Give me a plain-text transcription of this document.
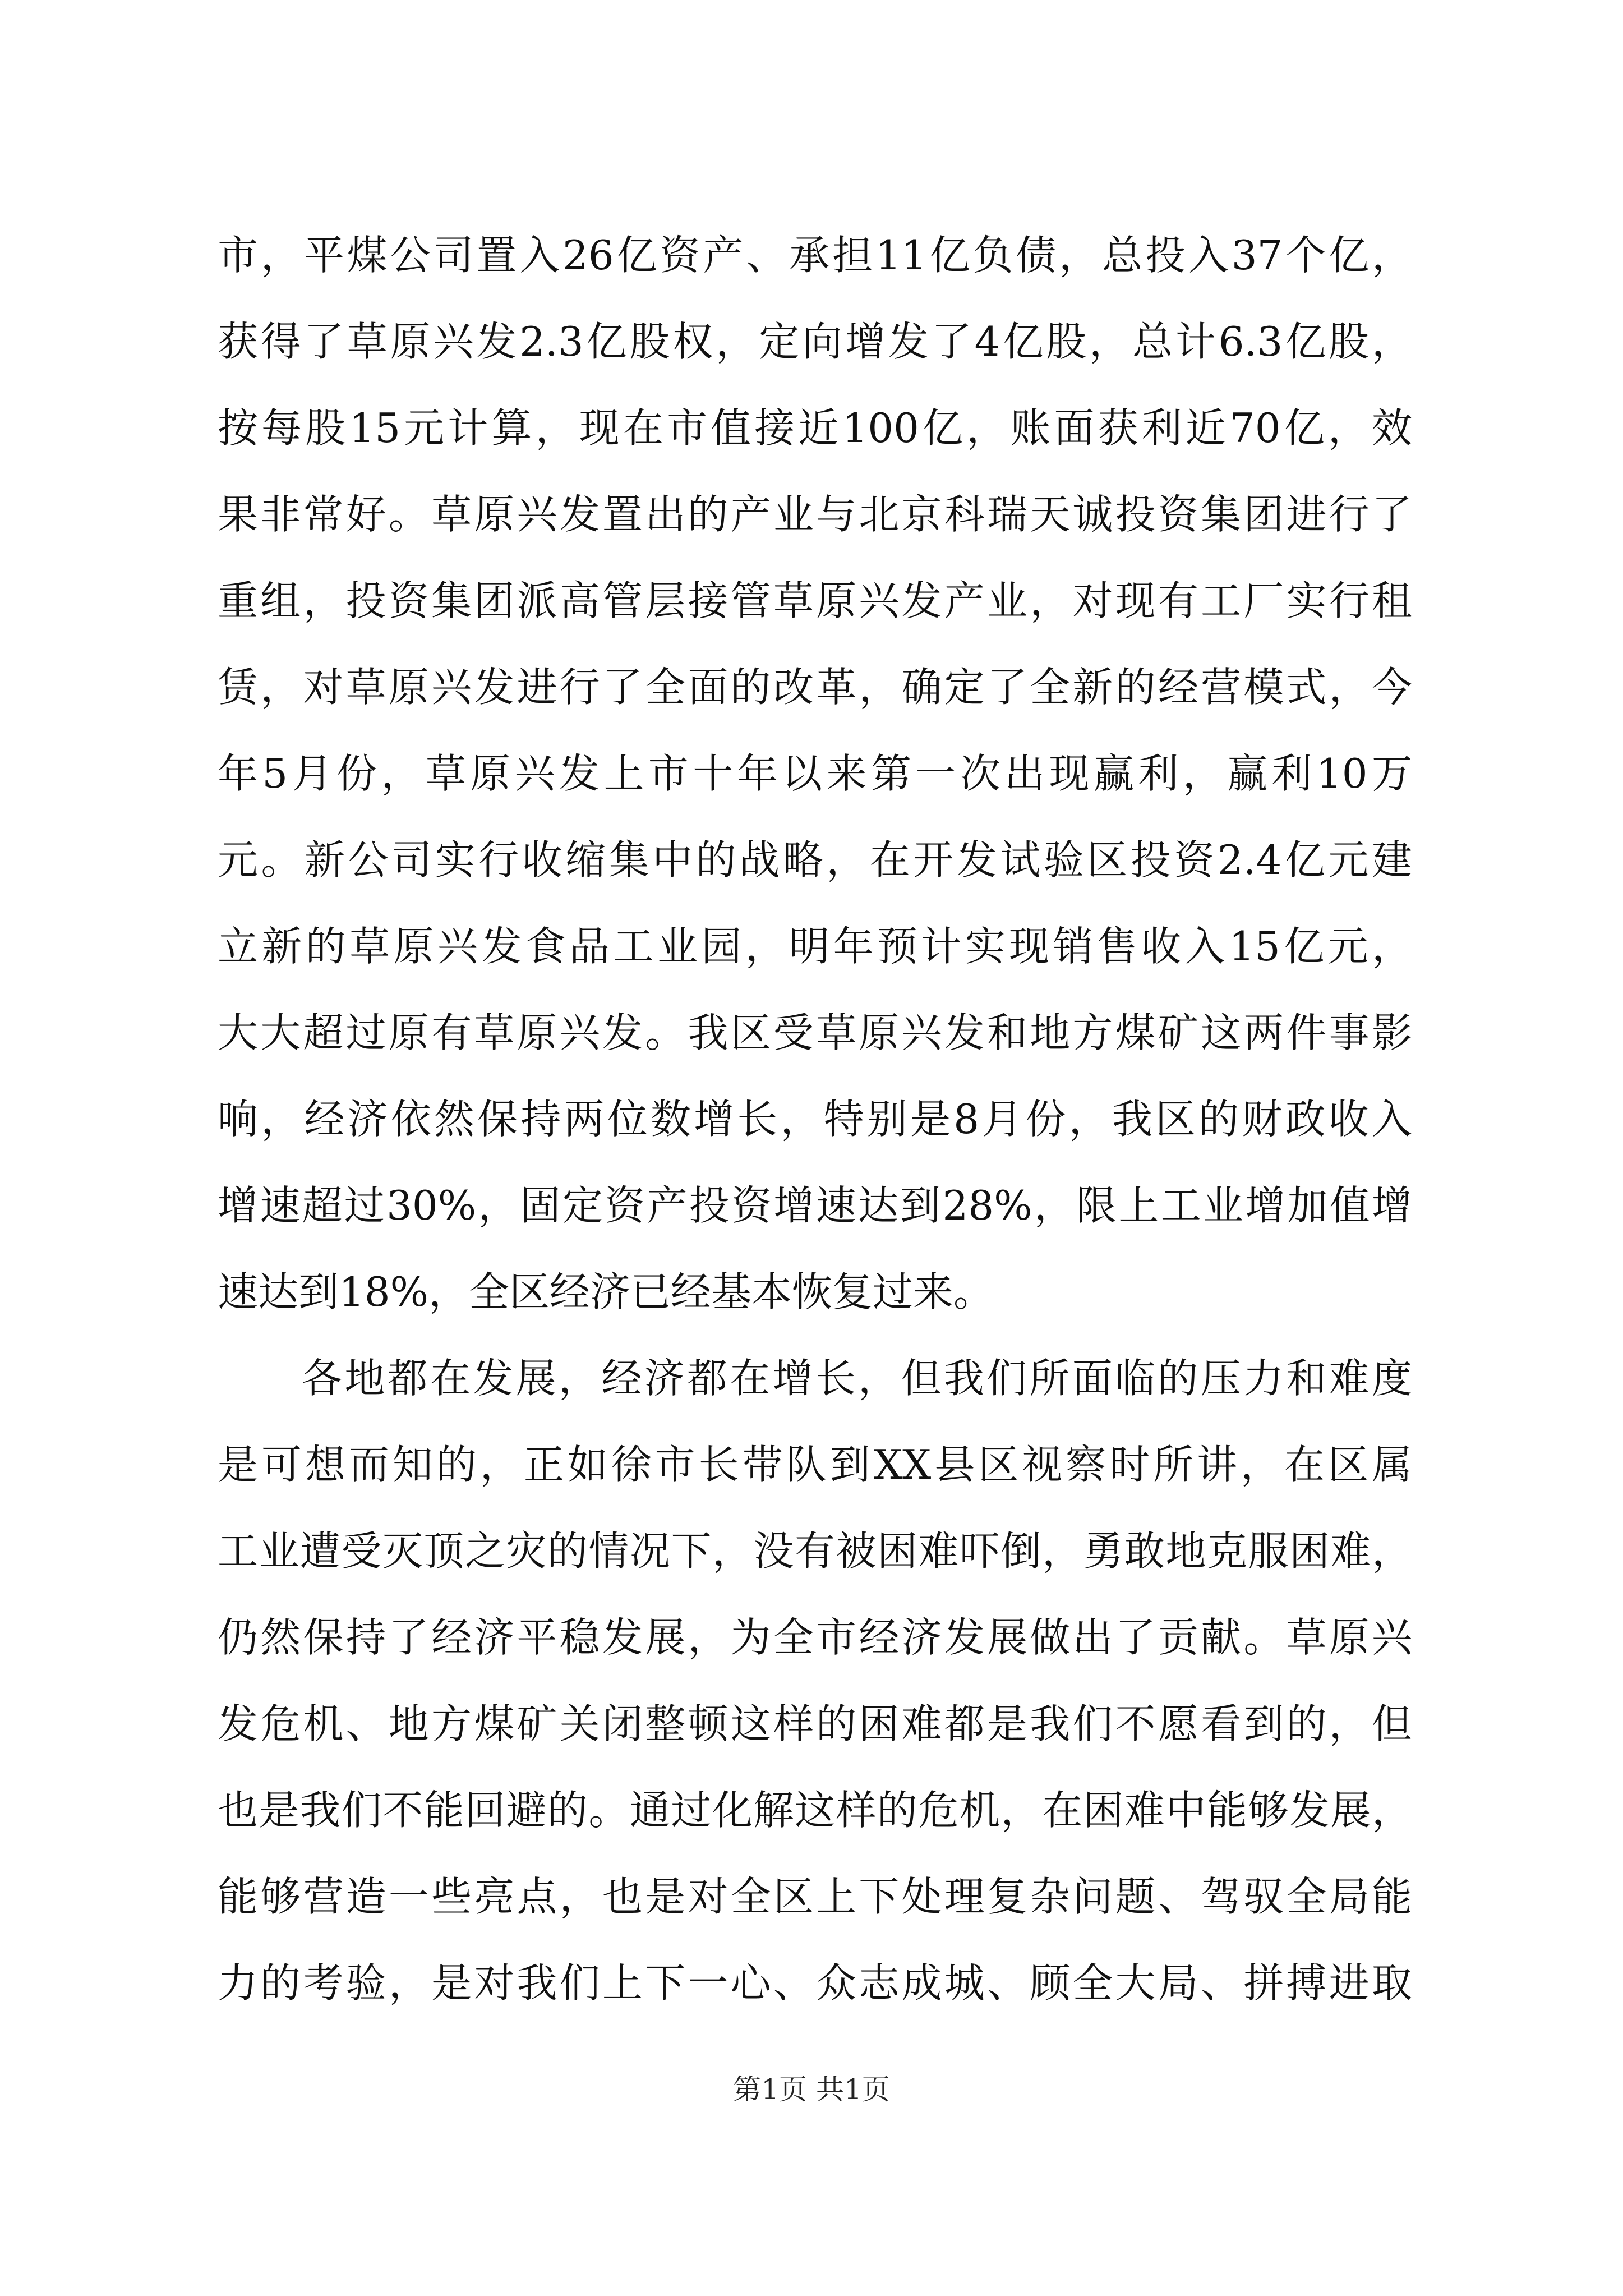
市，平煤公司置入26亿资产、承担11亿负债，总投入37个亿，
获得了草原兴发2.3亿股权，定向增发了4亿股，总计6.3亿股，
按每股15元计算，现在市值接近100亿，账面获利近70亿，效
果非常好。草原兴发置出的产业与北京科瑞天诚投资集团进行了
重组，投资集团派高管层接管草原兴发产业，对现有工厂实行租
赁，对草原兴发进行了全面的改革，确定了全新的经营模式，今
年5月份，草原兴发上市十年以来第一次出现赢利，赢利10万
元。新公司实行收缩集中的战略，在开发试验区投资2.4亿元建
立新的草原兴发食品工业园，明年预计实现销售收入15亿元，
大大超过原有草原兴发。我区受草原兴发和地方煤矿这两件事影
响，经济依然保持两位数增长，特别是8月份，我区的财政收入
增速超过30%，固定资产投资增速达到28%，限上工业增加值增
速达到18%，全区经济已经基本恢复过来。
各地都在发展，经济都在增长，但我们所面临的压力和难度
是可想而知的，正如徐市长带队到XX县区视察时所讲，在区属
工业遭受灭顶之灾的情况下，没有被困难吓倒，勇敢地克服困难，
仍然保持了经济平稳发展，为全市经济发展做出了贡献。草原兴
发危机、地方煤矿关闭整顿这样的困难都是我们不愿看到的，但
也是我们不能回避的。通过化解这样的危机，在困难中能够发展，
能够营造一些亮点，也是对全区上下处理复杂问题、驾驭全局能
力的考验，是对我们上下一心、众志成城、顾全大局、拼搏进取
第1页 共1页
